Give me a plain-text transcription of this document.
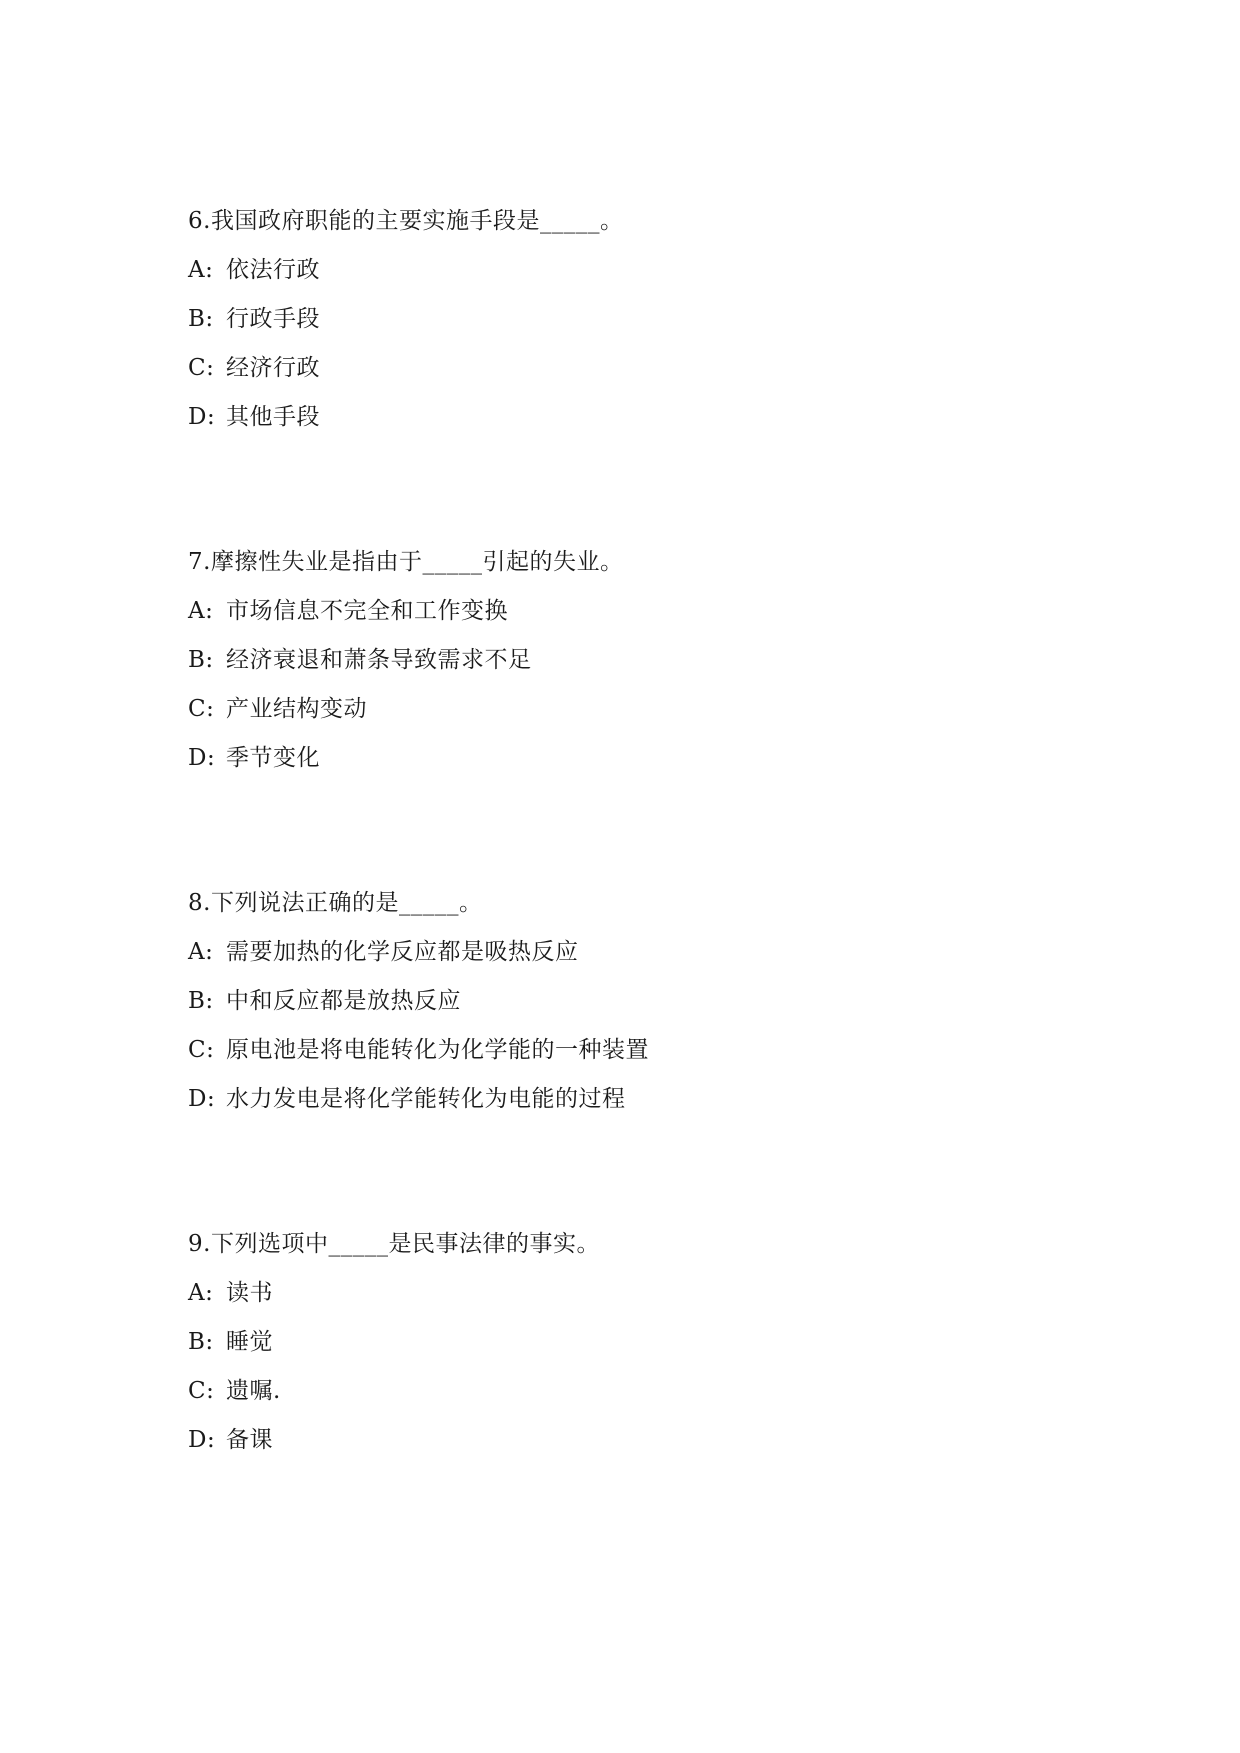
6.我国政府职能的主要实施手段是_____。
A: 依法行政
B: 行政手段
C: 经济行政
D: 其他手段
7.摩擦性失业是指由于_____引起的失业。
A: 市场信息不完全和工作变换
B: 经济衰退和萧条导致需求不足
C: 产业结构变动
D: 季节变化
8.下列说法正确的是_____。
A: 需要加热的化学反应都是吸热反应
B: 中和反应都是放热反应
C: 原电池是将电能转化为化学能的一种装置
D: 水力发电是将化学能转化为电能的过程
9.下列选项中_____是民事法律的事实。
A: 读书
B: 睡觉
C: 遗嘱.
D: 备课
